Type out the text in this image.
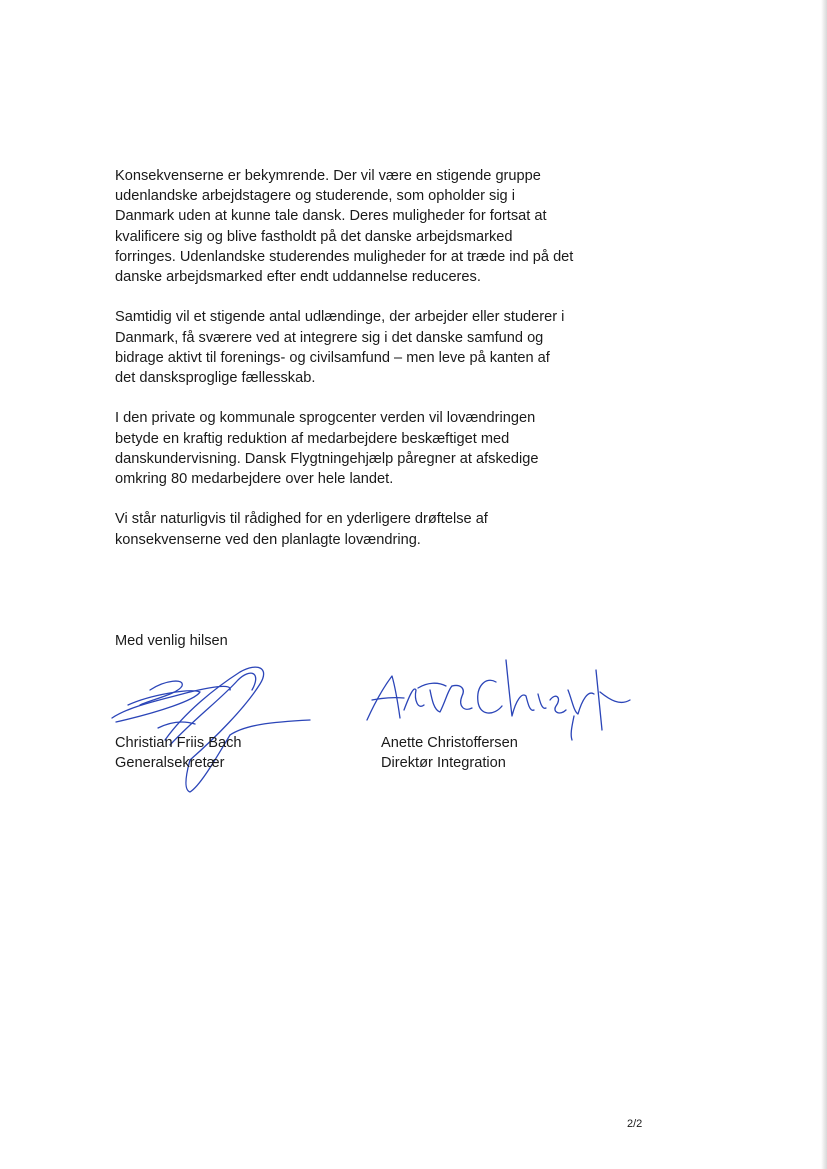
Konsekvenserne er bekymrende. Der vil være en stigende gruppe
udenlandske arbejdstagere og studerende, som opholder sig i
Danmark uden at kunne tale dansk. Deres muligheder for fortsat at
kvalificere sig og blive fastholdt på det danske arbejdsmarked
forringes. Udenlandske studerendes muligheder for at træde ind på det
danske arbejdsmarked efter endt uddannelse reduceres.

Samtidig vil et stigende antal udlændinge, der arbejder eller studerer i
Danmark, få sværere ved at integrere sig i det danske samfund og
bidrage aktivt til forenings- og civilsamfund – men leve på kanten af
det dansksproglige fællesskab.

I den private og kommunale sprogcenter verden vil lovændringen
betyde en kraftig reduktion af medarbejdere beskæftiget med
danskundervisning. Dansk Flygtningehjælp påregner at afskedige
omkring 80 medarbejdere over hele landet.

Vi står naturligvis til rådighed for en yderligere drøftelse af
konsekvenserne ved den planlagte lovændring.

Med venlig hilsen

Christian Friis Bach
Generalsekretær
Anette Christoffersen
Direktør Integration
2/2
